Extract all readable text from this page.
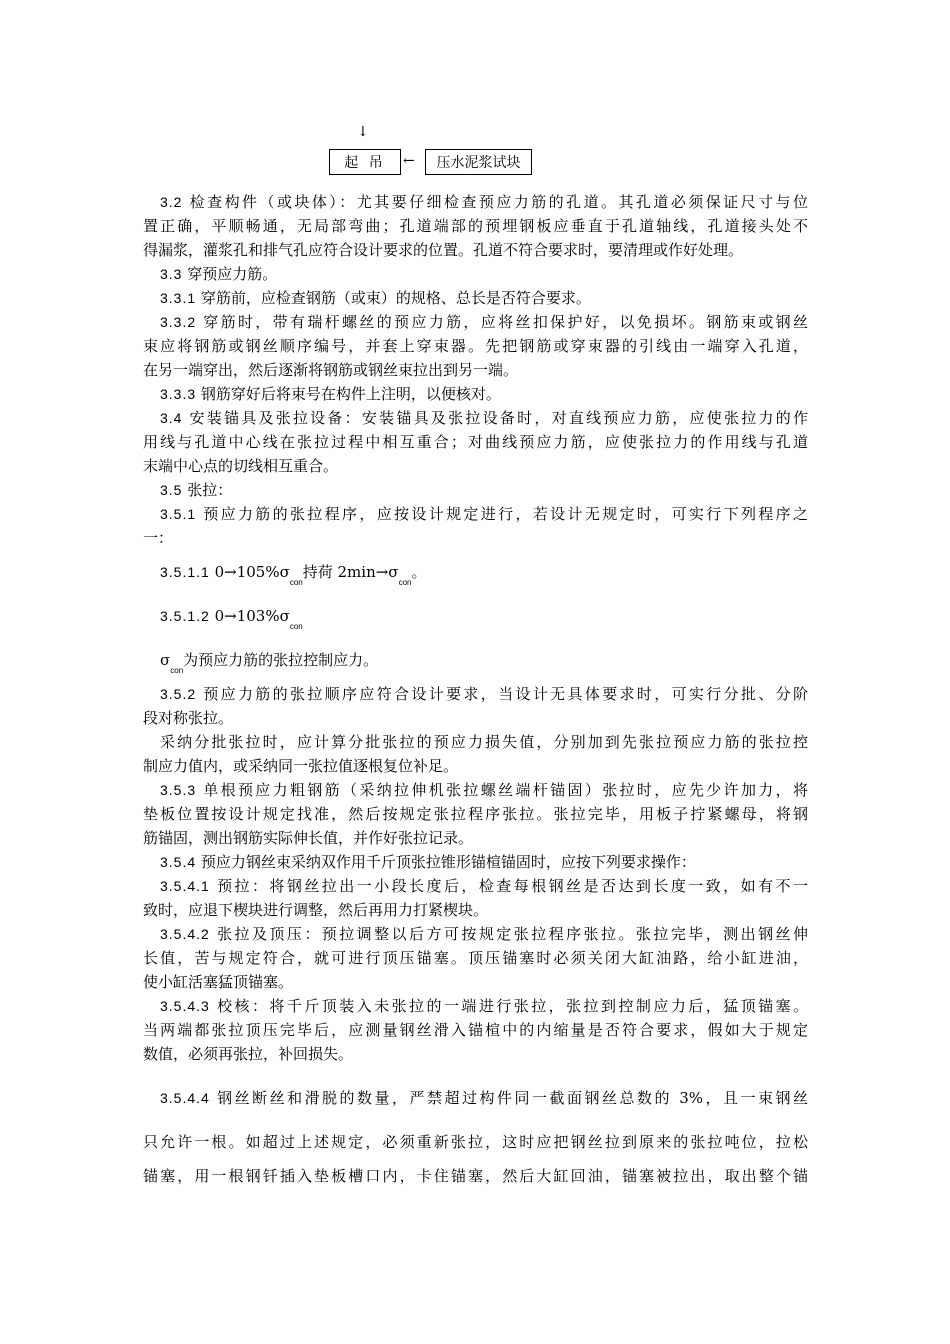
↓
起 吊	←	压水泥浆试块
3.2 检查构件（或块体）：尤其要仔细检查预应力筋的孔道。其孔道必须保证尺寸与位
置正确，平顺畅通，无局部弯曲；孔道端部的预埋钢板应垂直于孔道轴线，孔道接头处不
得漏浆，灌浆孔和排气孔应符合设计要求的位置。孔道不符合要求时，要清理或作好处理。
3.3 穿预应力筋。
3.3.1 穿筋前，应检查钢筋（或束）的规格、总长是否符合要求。
3.3.2 穿筋时，带有瑞杆螺丝的预应力筋，应将丝扣保护好，以免损坏。钢筋束或钢丝
束应将钢筋或钢丝顺序编号，并套上穿束器。先把钢筋或穿束器的引线由一端穿入孔道，
在另一端穿出，然后逐渐将钢筋或钢丝束拉出到另一端。
3.3.3 钢筋穿好后将束号在构件上注明，以便核对。
3.4 安装锚具及张拉设备：安装锚具及张拉设备时，对直线预应力筋，应使张拉力的作
用线与孔道中心线在张拉过程中相互重合；对曲线预应力筋，应使张拉力的作用线与孔道
末端中心点的切线相互重合。
3.5 张拉：
3.5.1 预应力筋的张拉程序，应按设计规定进行，若设计无规定时，可实行下列程序之
一：
3.5.1.1 $0\to 105\%\sigma_{con}$持荷 $2\min\to\sigma_{con}$。
3.5.1.2 $0\to 103\%\sigma_{con}$
$\sigma_{con}$为预应力筋的张拉控制应力。
3.5.2 预应力筋的张拉顺序应符合设计要求，当设计无具体要求时，可实行分批、分阶
段对称张拉。
采纳分批张拉时，应计算分批张拉的预应力损失值，分别加到先张拉预应力筋的张拉控
制应力值内，或采纳同一张拉值逐根复位补足。
3.5.3 单根预应力粗钢筋（采纳拉伸机张拉螺丝端杆锚固）张拉时，应先少许加力，将
垫板位置按设计规定找准，然后按规定张拉程序张拉。张拉完毕，用板子拧紧螺母，将钢
筋锚固，测出钢筋实际伸长值，并作好张拉记录。
3.5.4 预应力钢丝束采纳双作用千斤顶张拉锥形锚楦锚固时，应按下列要求操作：
3.5.4.1 预拉：将钢丝拉出一小段长度后，检查每根钢丝是否达到长度一致，如有不一
致时，应退下楔块进行调整，然后再用力打紧楔块。
3.5.4.2 张拉及顶压：预拉调整以后方可按规定张拉程序张拉。张拉完毕，测出钢丝伸
长值，苦与规定符合，就可进行顶压锚塞。顶压锚塞时必须关闭大缸油路，给小缸进油，
使小缸活塞猛顶锚塞。
3.5.4.3 校核：将千斤顶装入未张拉的一端进行张拉，张拉到控制应力后，猛顶锚塞。
当两端都张拉顶压完毕后，应测量钢丝滑入锚楦中的内缩量是否符合要求，假如大于规定
数值，必须再张拉，补回损失。
3.5.4.4 钢丝断丝和滑脱的数量，严禁超过构件同一截面钢丝总数的 3%，且一束钢丝
只允许一根。如超过上述规定，必须重新张拉，这时应把钢丝拉到原来的张拉吨位，拉松
锚塞，用一根钢钎插入垫板槽口内，卡住锚塞，然后大缸回油，锚塞被拉出，取出整个锚
